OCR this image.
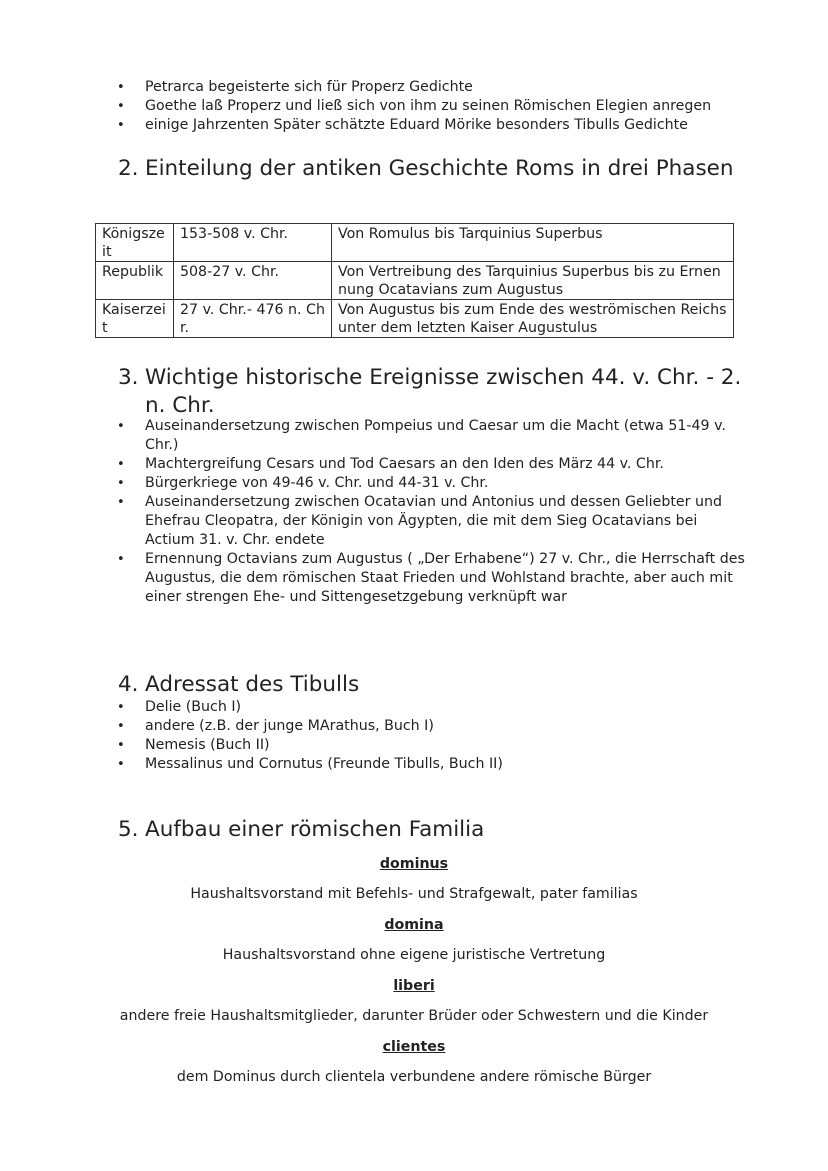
• Petrarca begeisterte sich für Properz Gedichte
• Goethe laß Properz und ließ sich von ihm zu seinen Römischen Elegien anregen
• einige Jahrzenten Später schätzte Eduard Mörike besonders Tibulls Gedichte
2. Einteilung der antiken Geschichte Roms in drei Phasen
Königszeit	153-508 v. Chr.	Von Romulus bis Tarquinius Superbus
Republik	508-27 v. Chr.	Von Vertreibung des Tarquinius Superbus bis zu Ernennung Ocatavians zum Augustus
Kaiserzeit	27 v. Chr.- 476 n. Chr.	Von Augustus bis zum Ende des weströmischen Reichs unter dem letzten Kaiser Augustulus
3. Wichtige historische Ereignisse zwischen 44. v. Chr. - 2. n. Chr.
• Auseinandersetzung zwischen Pompeius und Caesar um die Macht (etwa 51-49 v. Chr.)
• Machtergreifung Cesars und Tod Caesars an den Iden des März 44 v. Chr.
• Bürgerkriege von 49-46 v. Chr. und 44-31 v. Chr.
• Auseinandersetzung zwischen Ocatavian und Antonius und dessen Geliebter und Ehefrau Cleopatra, der Königin von Ägypten, die mit dem Sieg Ocatavians bei Actium 31. v. Chr. endete
• Ernennung Octavians zum Augustus ( „Der Erhabene“) 27 v. Chr., die Herrschaft des Augustus, die dem römischen Staat Frieden und Wohlstand brachte, aber auch mit einer strengen Ehe- und Sittengesetzgebung verknüpft war
4. Adressat des Tibulls
• Delie (Buch I)
• andere (z.B. der junge MArathus, Buch I)
• Nemesis (Buch II)
• Messalinus und Cornutus (Freunde Tibulls, Buch II)
5. Aufbau einer römischen Familia

dominus

Haushaltsvorstand mit Befehls- und Strafgewalt, pater familias

domina

Haushaltsvorstand ohne eigene juristische Vertretung

liberi

andere freie Haushaltsmitglieder, darunter Brüder oder Schwestern und die Kinder

clientes

dem Dominus durch clientela verbundene andere römische Bürger
